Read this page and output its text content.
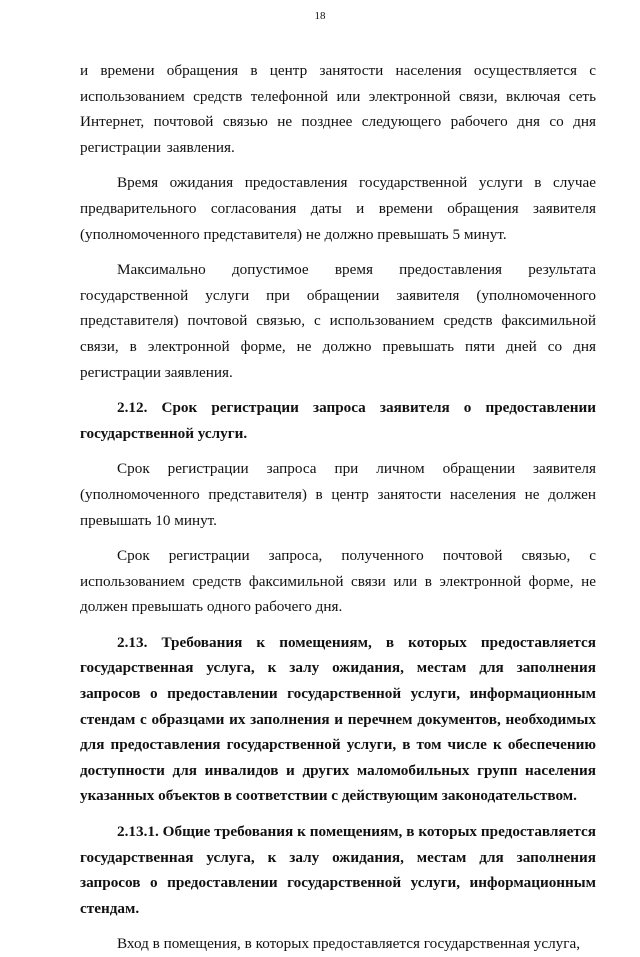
18

и времени обращения в центр занятости населения осуществляется с использованием средств телефонной или электронной связи, включая сеть Интернет, почтовой связью не позднее следующего рабочего дня со дня регистрации заявления.

Время ожидания предоставления государственной услуги в случае предварительного согласования даты и времени обращения заявителя (уполномоченного представителя) не должно превышать 5 минут.

Максимально допустимое время предоставления результата государственной услуги при обращении заявителя (уполномоченного представителя) почтовой связью, с использованием средств факсимильной связи, в электронной форме, не должно превышать пяти дней со дня регистрации заявления.

2.12. Срок регистрации запроса заявителя о предоставлении государственной услуги.

Срок регистрации запроса при личном обращении заявителя (уполномоченного представителя) в центр занятости населения не должен превышать 10 минут.

Срок регистрации запроса, полученного почтовой связью, с использованием средств факсимильной связи или в электронной форме, не должен превышать одного рабочего дня.

2.13. Требования к помещениям, в которых предоставляется государственная услуга, к залу ожидания, местам для заполнения запросов о предоставлении государственной услуги, информационным стендам с образцами их заполнения и перечнем документов, необходимых для предоставления государственной услуги, в том числе к обеспечению доступности для инвалидов и других маломобильных групп населения указанных объектов в соответствии с действующим законодательством.

2.13.1. Общие требования к помещениям, в которых предоставляется государственная услуга, к залу ожидания, местам для заполнения запросов о предоставлении государственной услуги, информационным стендам.

Вход в помещения, в которых предоставляется государственная услуга,
